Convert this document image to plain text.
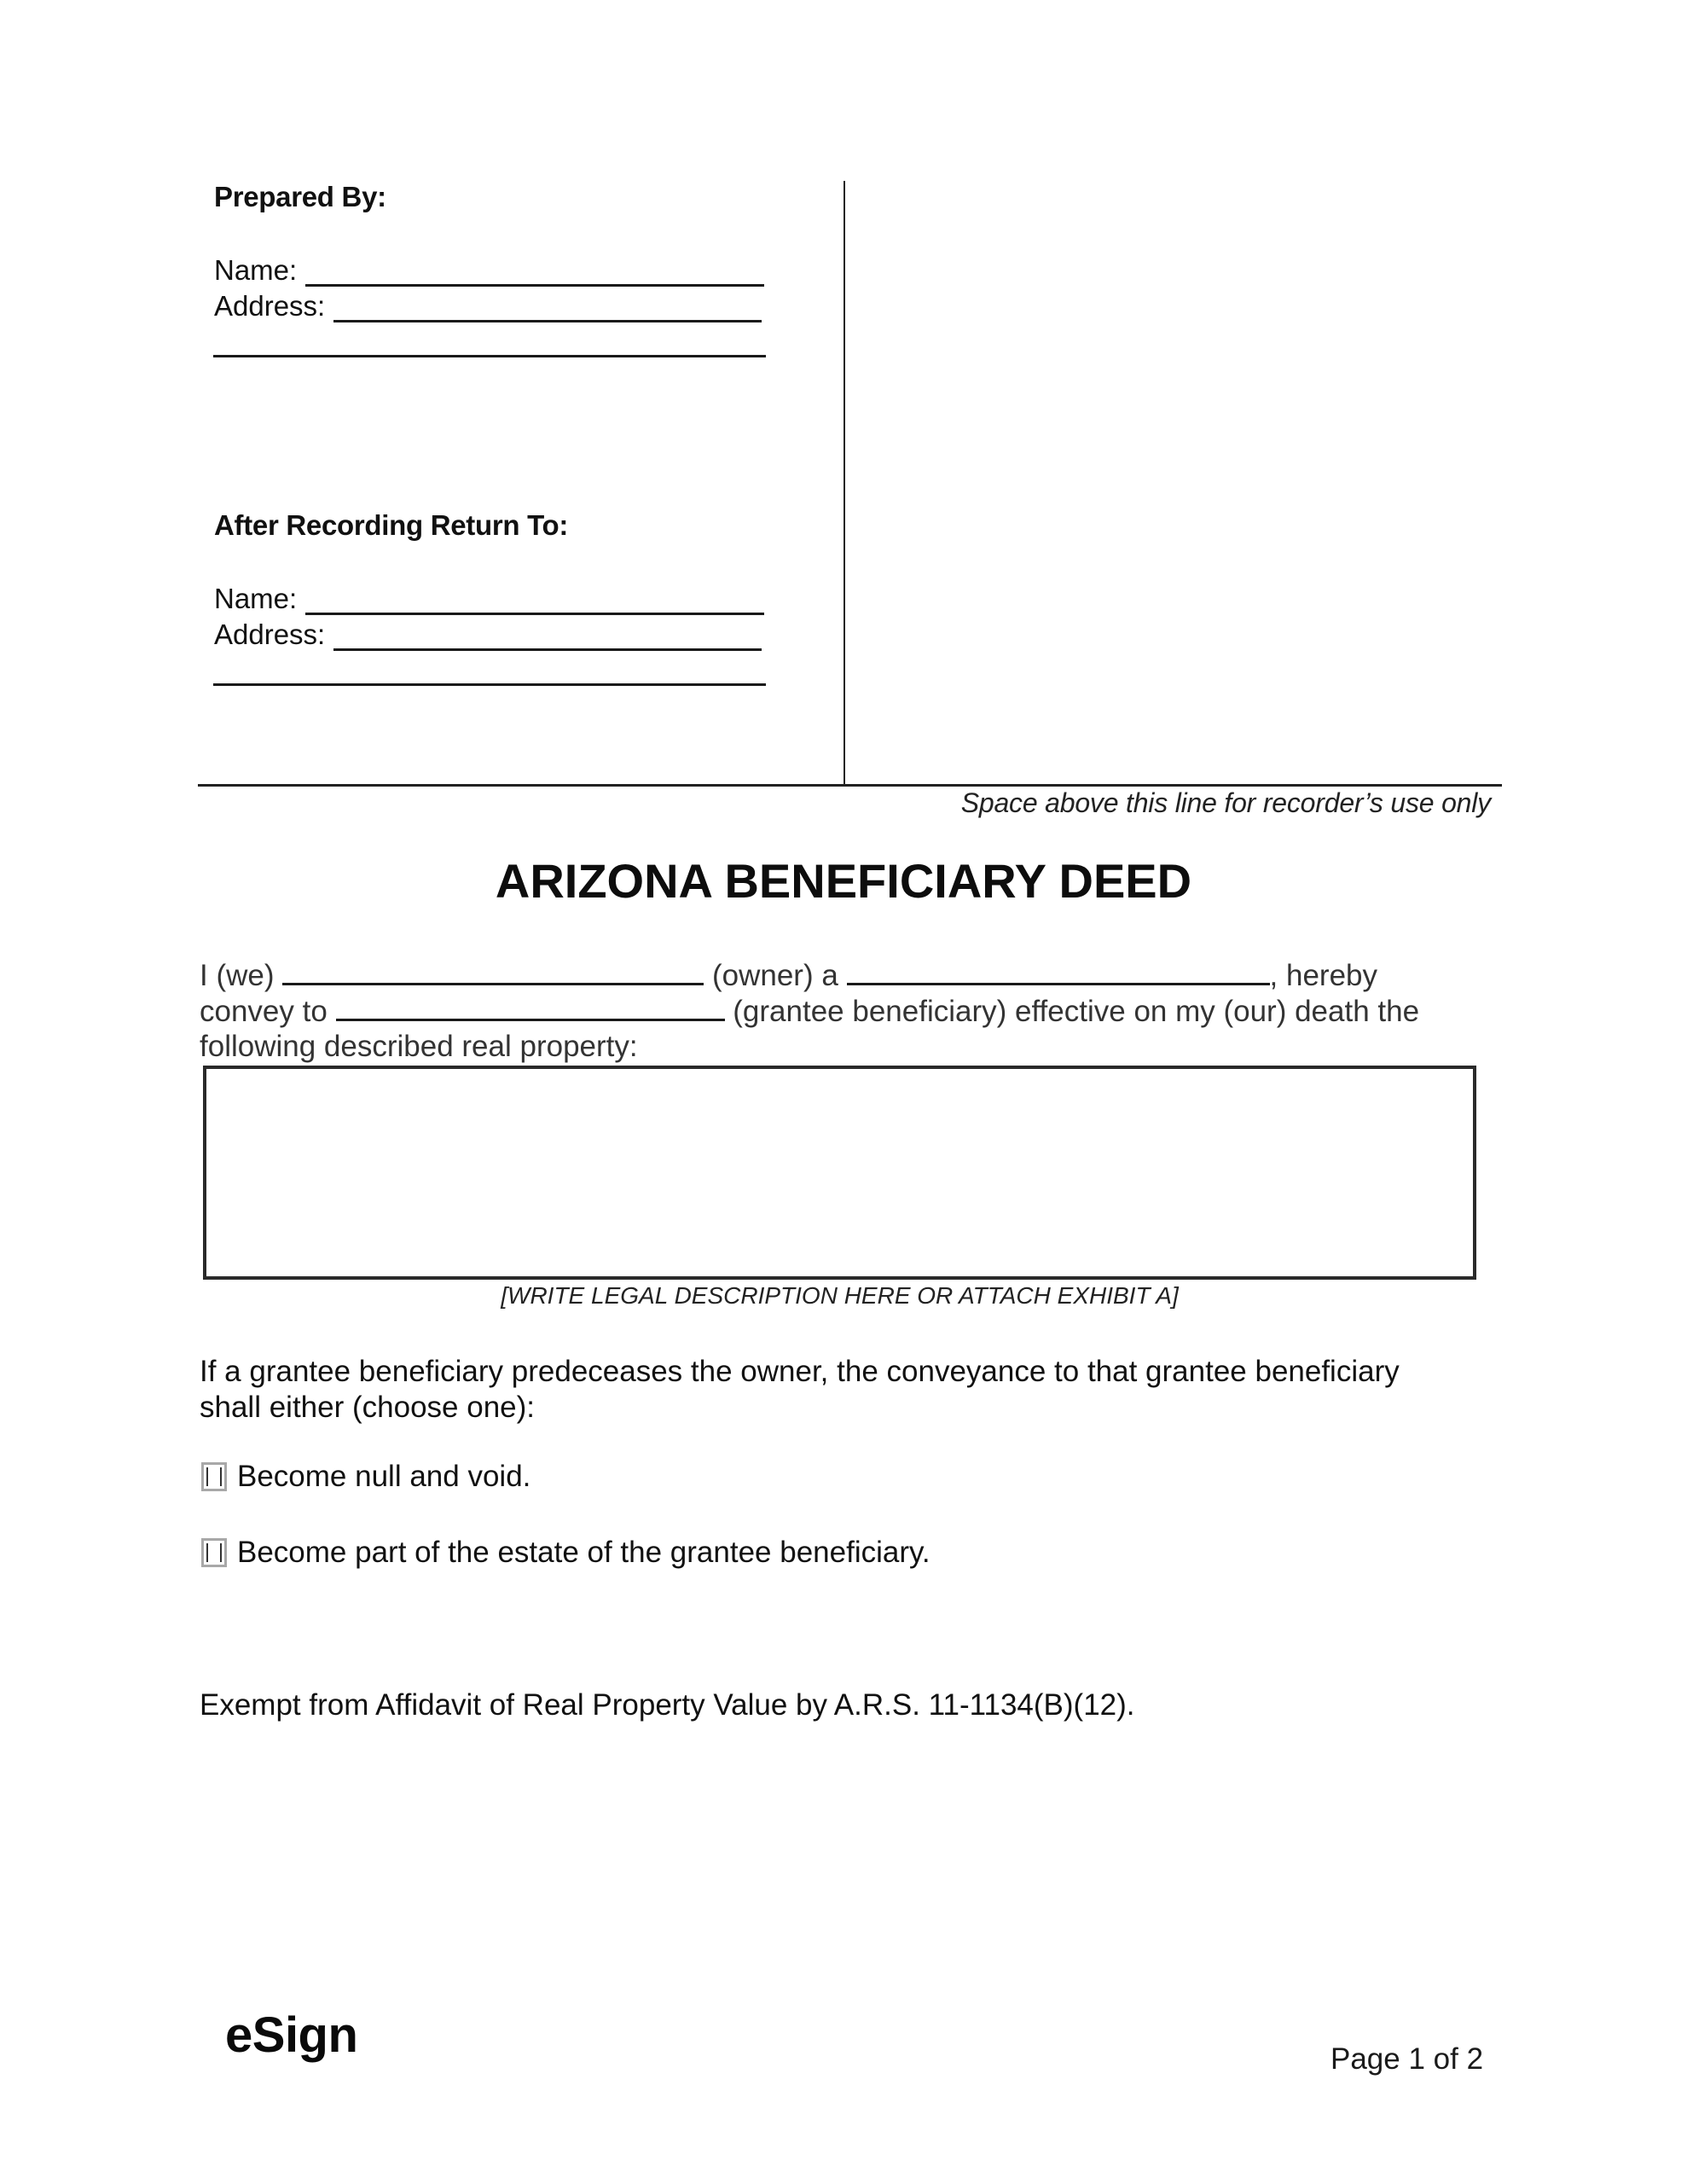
Prepared By:
Name:
Address:
After Recording Return To:
Name:
Address:
Space above this line for recorder’s use only
ARIZONA BENEFICIARY DEED
I (we)	(owner) a	, hereby
convey to	(grantee beneficiary) effective on my (our) death the
following described real property:
[WRITE LEGAL DESCRIPTION HERE OR ATTACH EXHIBIT A]
If a grantee beneficiary predeceases the owner, the conveyance to that grantee beneficiary shall either (choose one):
Become null and void.
Become part of the estate of the grantee beneficiary.
Exempt from Affidavit of Real Property Value by A.R.S. 11-1134(B)(12).
eSign	Page 1 of 2
